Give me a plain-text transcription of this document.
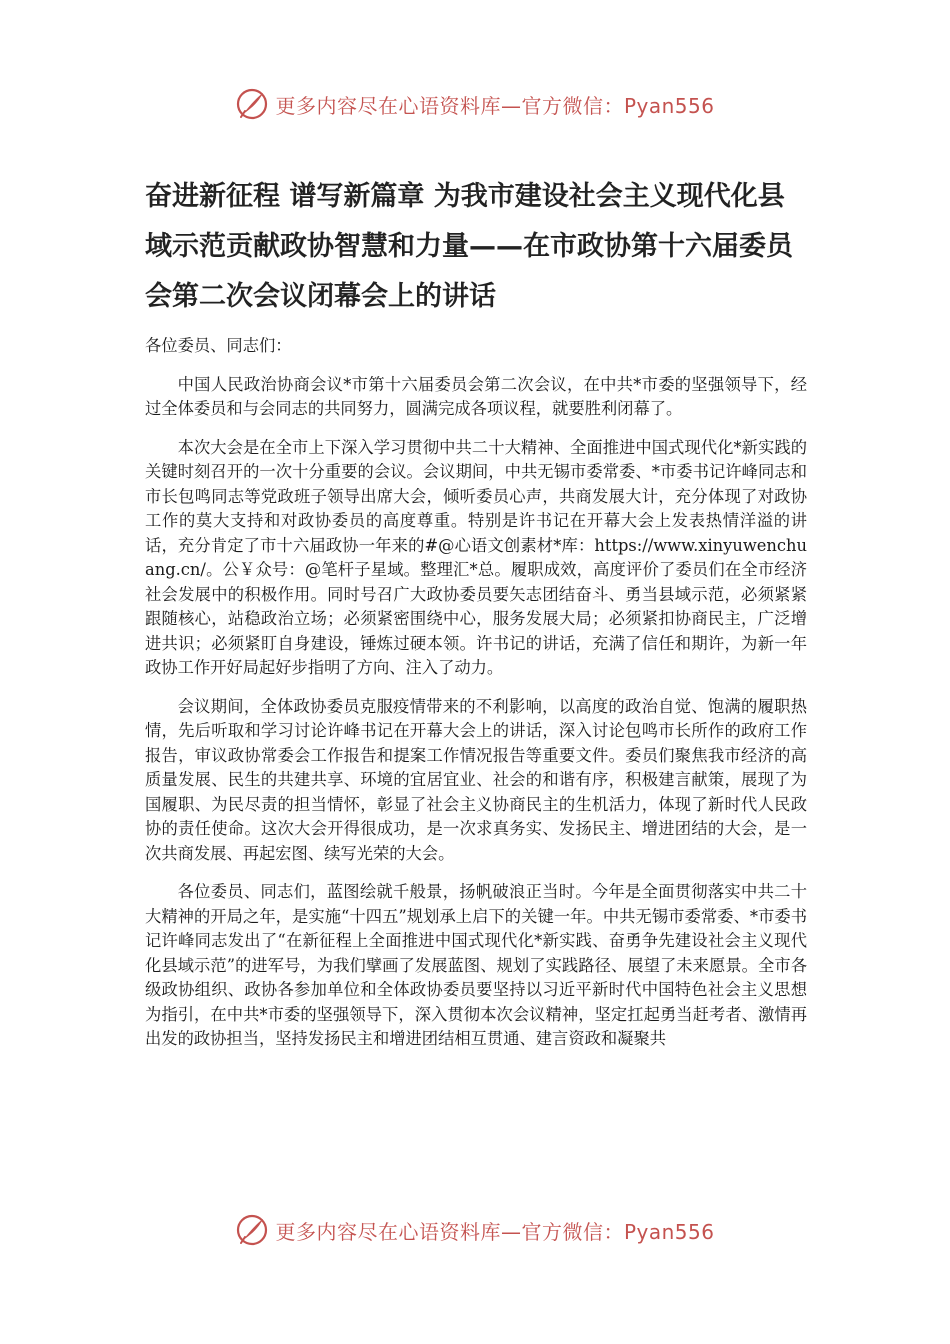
更多内容尽在心语资料库—官方微信：Pyan556
奋进新征程 谱写新篇章 为我市建设社会主义现代化县域示范贡献政协智慧和力量——在市政协第十六届委员会第二次会议闭幕会上的讲话

各位委员、同志们：

中国人民政治协商会议*市第十六届委员会第二次会议，在中共*市委的坚强领导下，经过全体委员和与会同志的共同努力，圆满完成各项议程，就要胜利闭幕了。

本次大会是在全市上下深入学习贯彻中共二十大精神、全面推进中国式现代化*新实践的关键时刻召开的一次十分重要的会议。会议期间，中共无锡市委常委、*市委书记许峰同志和市长包鸣同志等党政班子领导出席大会，倾听委员心声，共商发展大计，充分体现了对政协工作的莫大支持和对政协委员的高度尊重。特别是许书记在开幕大会上发表热情洋溢的讲话，充分肯定了市十六届政协一年来的#@心语文创素材*库：https://www.xinyuwenchuang.cn/。公￥众号：@笔杆子星域。整理汇*总。履职成效，高度评价了委员们在全市经济社会发展中的积极作用。同时号召广大政协委员要矢志团结奋斗、勇当县域示范，必须紧紧跟随核心，站稳政治立场；必须紧密围绕中心，服务发展大局；必须紧扣协商民主，广泛增进共识；必须紧盯自身建设，锤炼过硬本领。许书记的讲话，充满了信任和期许，为新一年政协工作开好局起好步指明了方向、注入了动力。

会议期间，全体政协委员克服疫情带来的不利影响，以高度的政治自觉、饱满的履职热情，先后听取和学习讨论许峰书记在开幕大会上的讲话，深入讨论包鸣市长所作的政府工作报告，审议政协常委会工作报告和提案工作情况报告等重要文件。委员们聚焦我市经济的高质量发展、民生的共建共享、环境的宜居宜业、社会的和谐有序，积极建言献策，展现了为国履职、为民尽责的担当情怀，彰显了社会主义协商民主的生机活力，体现了新时代人民政协的责任使命。这次大会开得很成功，是一次求真务实、发扬民主、增进团结的大会，是一次共商发展、再起宏图、续写光荣的大会。

各位委员、同志们，蓝图绘就千般景，扬帆破浪正当时。今年是全面贯彻落实中共二十大精神的开局之年，是实施“十四五”规划承上启下的关键一年。中共无锡市委常委、*市委书记许峰同志发出了“在新征程上全面推进中国式现代化*新实践、奋勇争先建设社会主义现代化县域示范”的进军号，为我们擘画了发展蓝图、规划了实践路径、展望了未来愿景。全市各级政协组织、政协各参加单位和全体政协委员要坚持以习近平新时代中国特色社会主义思想为指引，在中共*市委的坚强领导下，深入贯彻本次会议精神，坚定扛起勇当赶考者、激情再出发的政协担当，坚持发扬民主和增进团结相互贯通、建言资政和凝聚共

更多内容尽在心语资料库—官方微信：Pyan556
